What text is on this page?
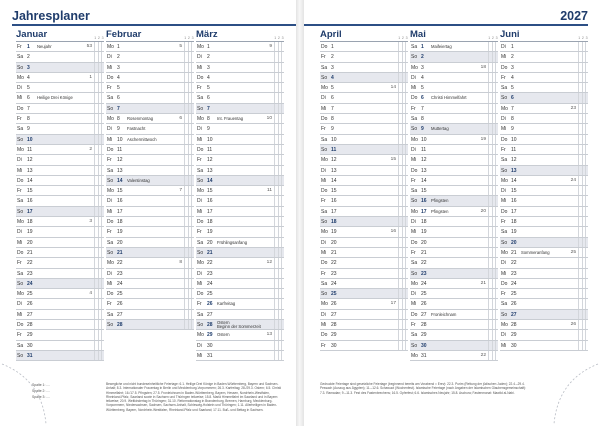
Jahresplaner
Januar	1 2 3
Fr 1 Neujahr	53
Sa 2
So 3
Mo 4	1
Di 5
Mi 6 Heilige Drei Könige
Do 7
Fr 8
Sa 9
So 10
Mo 11	2
Di 12
Mi 13
Do 14
Fr 15
Sa 16
So 17
Mo 18	3
Di 19
Mi 20
Do 21
Fr 22
Sa 23
So 24
Mo 25	4
Di 26
Mi 27
Do 28
Fr 29
Sa 30
So 31
Februar	1 2 3
Mo 1	5
Di 2
Mi 3
Do 4
Fr 5
Sa 6
So 7
Mo 8 Rosenmontag	6
Di 9 Fastnacht
Mi 10 Aschermittwoch
Do 11
Fr 12
Sa 13
So 14 Valentinstag
Mo 15	7
Di 16
Mi 17
Do 18
Fr 19
Sa 20
So 21
Mo 22	8
Di 23
Mi 24
Do 25
Fr 26
Sa 27
So 28
März	1 2 3
Mo 1	9
Di 2
Mi 3
Do 4
Fr 5
Sa 6
So 7
Mo 8 Int. Frauentag	10
Di 9
Mi 10
Do 11
Fr 12
Sa 13
So 14
Mo 15	11
Di 16
Mi 17
Do 18
Fr 19
Sa 20 Frühlingsanfang
So 21
Mo 22	12
Di 23
Mi 24
Do 25
Fr 26 Karfreitag
Sa 27
So 28 Ostern
Beginn der Sommerzeit
Mo 29 Ostern	13
Di 30
Mi 31
Spalte 1: ....
Spalte 2: ....
Spalte 3: ....
Bewegliche und nicht bundeseinheitliche Feiertage: 6.1. Heilige Drei Könige in Baden-Württemberg, Bayern und Sachsen-Anhalt; 8.3. Internationaler Frauentag in Berlin und Mecklenburg-Vorpommern; 26.3. Karfreitag; 28./29.3. Ostern; 6.5. Christi Himmelfahrt; 16./17.5. Pfingsten; 27.5. Fronleichnam in Baden-Württemberg, Bayern, Hessen, Nordrhein-Westfalen, Rheinland-Pfalz, Saarland sowie in Sachsen und Thüringen teilweise; 15.8. Mariä Himmelfahrt im Saarland und in Bayern teilweise; 20.9. Weltkindertag in Thüringen; 31.10. Reformationstag in Brandenburg, Bremen, Hamburg, Mecklenburg-Vorpommern, Niedersachsen, Sachsen, Sachsen-Anhalt, Schleswig-Holstein und Thüringen; 1.11. Allerheiligen in Baden-Württemberg, Bayern, Nordrhein-Westfalen, Rheinland-Pfalz und Saarland; 17.11. Buß- und Bettag in Sachsen.
2027
April	1 2 3
Do 1
Fr 2
Sa 3
So 4
Mo 5	14
Di 6
Mi 7
Do 8
Fr 9
Sa 10
So 11
Mo 12	15
Di 13
Mi 14
Do 15
Fr 16
Sa 17
So 18
Mo 19	16
Di 20
Mi 21
Do 22
Fr 23
Sa 24
So 25
Mo 26	17
Di 27
Mi 28
Do 29
Fr 30
Mai	1 2 3
Sa 1 Maifeiertag
So 2
Mo 3	18
Di 4
Mi 5
Do 6 Christi Himmelfahrt
Fr 7
Sa 8
So 9 Muttertag
Mo 10	19
Di 11
Mi 12
Do 13
Fr 14
Sa 15
So 16 Pfingsten
Mo 17 Pfingsten	20
Di 18
Mi 19
Do 20
Fr 21
Sa 22
So 23
Mo 24	21
Di 25
Mi 26
Do 27 Fronleichnam
Fr 28
Sa 29
So 30
Mo 31	22
Juni	1 2 3
Di 1
Mi 2
Do 3
Fr 4
Sa 5
So 6
Mo 7	23
Di 8
Mi 9
Do 10
Fr 11
Sa 12
So 13
Mo 14	24
Di 15
Mi 16
Do 17
Fr 18
Sa 19
So 20
Mo 21 Sommeranfang	25
Di 22
Mi 23
Do 24
Fr 25
Sa 26
So 27
Mo 28	26
Di 29
Mi 30
Gedruckte Feiertage sind gesetzliche Feiertage (beginnend bereits am Vorabend = Erev): 22.3. Purim (Rettung der jüdischen Juden); 22.4.–29.4. Pessach (Auszug aus Ägypten); 11.–12.6. Schawuot (Wochenfest). Islamische Feiertage (nach Angaben der Islamischen Glaubensgemeinschaft): 7.3. Ramadan; 9.–11.3. Fest des Fastenbrechens; 16.5. Opferfest; 6.6. Islamisches Neujahr; 15.8. Aschura; Fastenmonat: Mawlid al-Nabi.
